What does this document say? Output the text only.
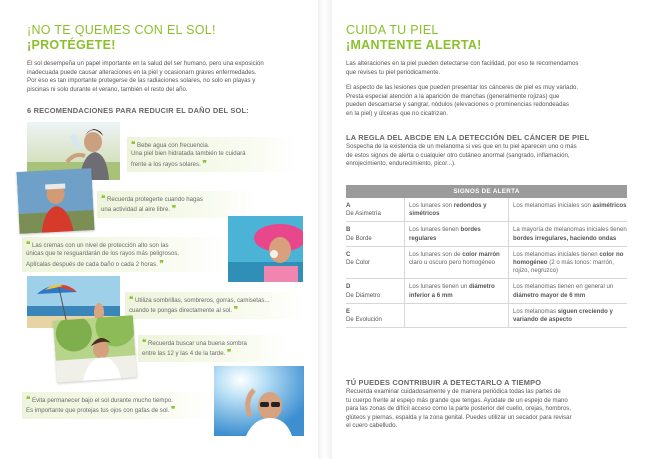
¡NO TE QUEMES CON EL SOL!
¡PROTÉGETE!
El sol desempeña un papel importante en la salud del ser humano, pero una exposición
inadecuada puede causar alteraciones en la piel y ocasionarn graves enfermedades.
Por eso es tan importante protegerse de las radiaciones solares, no solo en playas y
piscinas ni solo durante el verano, también el resto del año.
6 RECOMENDACIONES PARA REDUCIR EL DAÑO DEL SOL:
❝ Bebe agua con frecuencia.
Una piel bien hidratada también te cuidará
frente a los rayos solares. ❞
❝ Recuerda protegerte cuando hagas
una actividad al aire libre. ❞
❝ Las cremas con un nivel de protección alto son las
únicas que te resguardarán de los rayos más peligrosos.
Aplícalas después de cada baño o cada 2 horas. ❞
❝ Utiliza sombrillas, sombreros, gorras, camisetas...
cuando te pongas directamente al sol. ❞
❝ Recuerda buscar una buena sombra
entre las 12 y las 4 de la tarde. ❞
❝ Evita permanecer bajo el sol durante mucho tiempo.
Es importante que protejas tus ojos con gafas de sol. ❞
CUIDA TU PIEL
¡MANTENTE ALERTA!
Las alteraciones en la piel pueden detectarse con facilidad, por eso te recomendamos
que revises tu piel periódicamente.
El aspecto de las lesiones que pueden presentar los cánceres de piel es muy variado.
Presta especial atención a la aparición de manchas (generalmente rojizas) que
pueden descamarse y sangrar, nódulos (elevaciones o prominencias redondeadas
en la piel) y úlceras que no cicatrizan.
LA REGLA DEL ABCDE EN LA DETECCIÓN DEL CÁNCER DE PIEL
Sospecha de la existencia de un melanoma si ves que en tu piel aparecen uno o más
de estos signos de alerta o cualquier otro cutáneo anormal (sangrado, inflamación,
enrojecimiento, endurecimiento, picor...).
SIGNOS DE ALERTA
A
De Asimetría
Los lunares son redondos y simétricos
Los melanomas iniciales son asimétricos
B
De Borde
Los lunares tienen bordes regulares
La mayoría de melanomas iniciales tienen bordes irregulares, haciendo ondas
C
De Color
Los lunares son de color marrón claro u oscuro pero homogéneo
Los melanomas iniciales tienen color no homogéneo (2 o más tonos: marrón, rojizo, negruzco)
D
De Diámetro
Los lunares tienen un diámetro inferior a 6 mm
Los melanomas tienen en general un diámetro mayor de 6 mm
E
De Evolución
Los melanomas siguen creciendo y variando de aspecto
TÚ PUEDES CONTRIBUIR A DETECTARLO A TIEMPO
Recuerda examinar cuidadosamente y de manera periódica todas las partes de
tu cuerpo frente al espejo más grande que tengas. Ayúdate de un espejo de mano
para las zonas de difícil acceso como la parte posterior del cuello, orejas, hombros,
glúteos y piernas, espalda y la zona genital. Puedes utilizar un secador para revisar
el cuero cabelludo.
